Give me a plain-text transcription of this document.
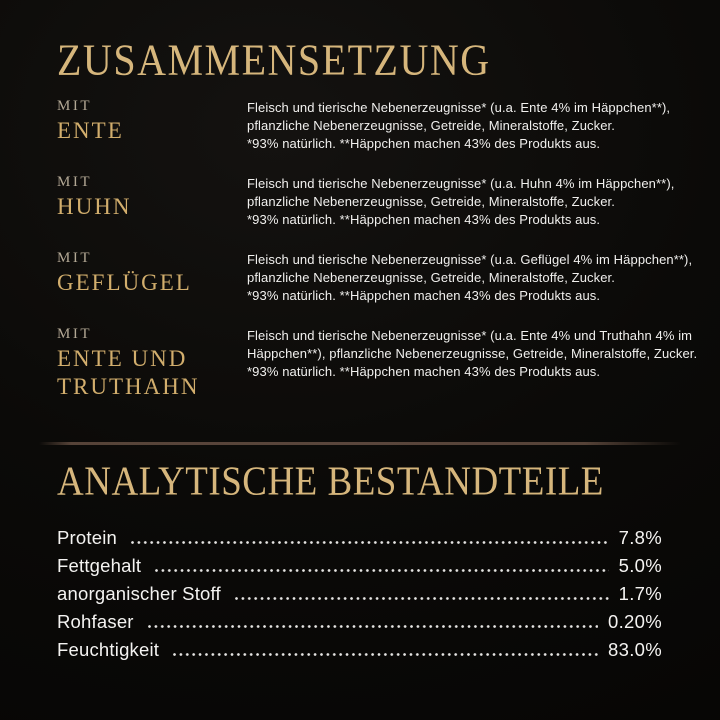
ZUSAMMENSETZUNG
MIT
ENTE
Fleisch und tierische Nebenerzeugnisse* (u.a. Ente 4% im Häppchen**),
pflanzliche Nebenerzeugnisse, Getreide, Mineralstoffe, Zucker.
*93% natürlich. **Häppchen machen 43% des Produkts aus.
MIT
HUHN
Fleisch und tierische Nebenerzeugnisse* (u.a. Huhn 4% im Häppchen**),
pflanzliche Nebenerzeugnisse, Getreide, Mineralstoffe, Zucker.
*93% natürlich. **Häppchen machen 43% des Produkts aus.
MIT
GEFLÜGEL
Fleisch und tierische Nebenerzeugnisse* (u.a. Geflügel 4% im Häppchen**),
pflanzliche Nebenerzeugnisse, Getreide, Mineralstoffe, Zucker.
*93% natürlich. **Häppchen machen 43% des Produkts aus.
MIT
ENTE UND TRUTHAHN
Fleisch und tierische Nebenerzeugnisse* (u.a. Ente 4% und Truthahn 4% im
Häppchen**), pflanzliche Nebenerzeugnisse, Getreide, Mineralstoffe, Zucker.
*93% natürlich. **Häppchen machen 43% des Produkts aus.
ANALYTISCHE BESTANDTEILE
Protein	7.8%
Fettgehalt	5.0%
anorganischer Stoff	1.7%
Rohfaser	0.20%
Feuchtigkeit	83.0%
